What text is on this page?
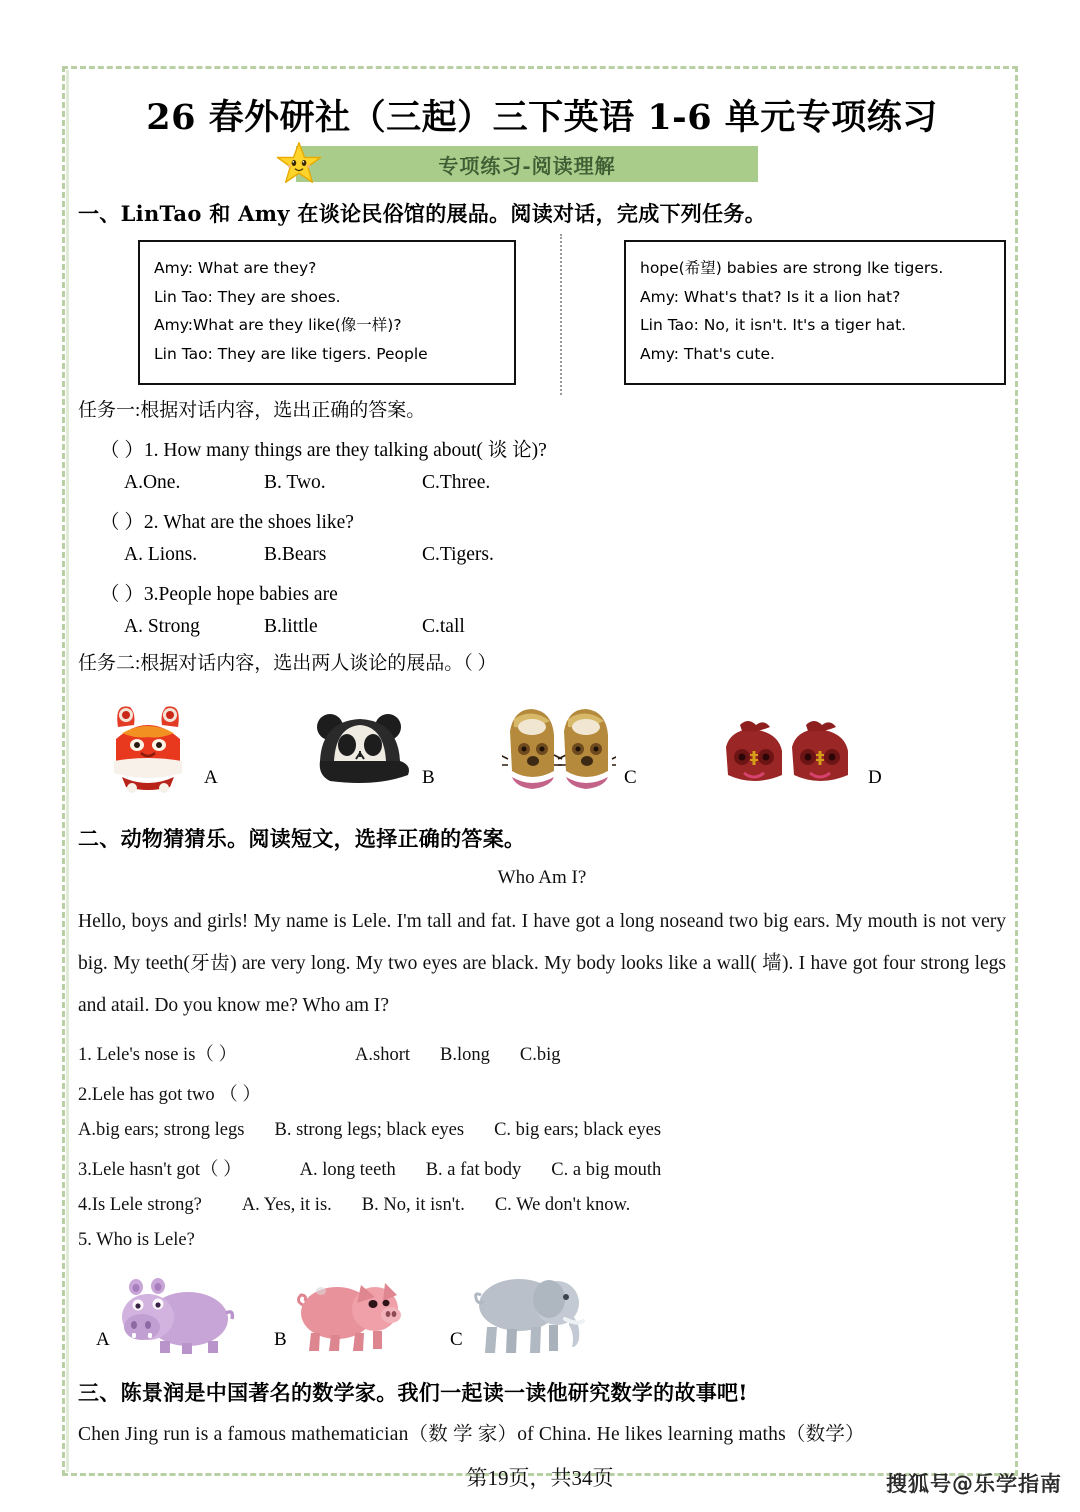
26 春外研社（三起）三下英语 1-6 单元专项练习
专项练习-阅读理解
一、LinTao 和 Amy 在谈论民俗馆的展品。阅读对话，完成下列任务。
Amy: What are they?
Lin Tao: They are shoes.
Amy:What are they like(像一样)?
Lin Tao: They are like tigers. People
hope(希望) babies are strong lke tigers.
Amy: What's that? Is it a lion hat?
Lin Tao: No, it isn't. It's a tiger hat.
Amy: That's cute.
任务一:根据对话内容，选出正确的答案。
（ ）1. How many things are they talking about( 谈 论)?
A.One.	B. Two.	C.Three.
（ ）2. What are the shoes like?
A. Lions.	B.Bears	C.Tigers.
（ ）3.People hope babies are
A. Strong	B.little	C.tall
任务二:根据对话内容，选出两人谈论的展品。（ ）
A	B	C	D
二、动物猜猜乐。阅读短文，选择正确的答案。
Who Am I?
Hello, boys and girls! My name is Lele. I'm tall and fat. I have got a long noseand two big ears. My mouth is not very big. My teeth(牙齿) are very long. My two eyes are black. My body looks like a wall( 墙). I have got four strong legs and atail. Do you know me? Who am I?
1. Lele's nose is（ ）	A.short B.long C.big
2.Lele has got two （ ）
A.big ears; strong legs B. strong legs; black eyes C. big ears; black eyes
3.Lele hasn't got（ ）	A. long teeth B. a fat body C. a big mouth
4.Is Lele strong? A. Yes, it is. B. No, it isn't. C. We don't know.
5. Who is Lele?
A	B	C
三、陈景润是中国著名的数学家。我们一起读一读他研究数学的故事吧!
Chen Jing run is a famous mathematician（数 学 家）of China. He likes learning maths（数学）
第19页，共34页	搜狐号@乐学指南
